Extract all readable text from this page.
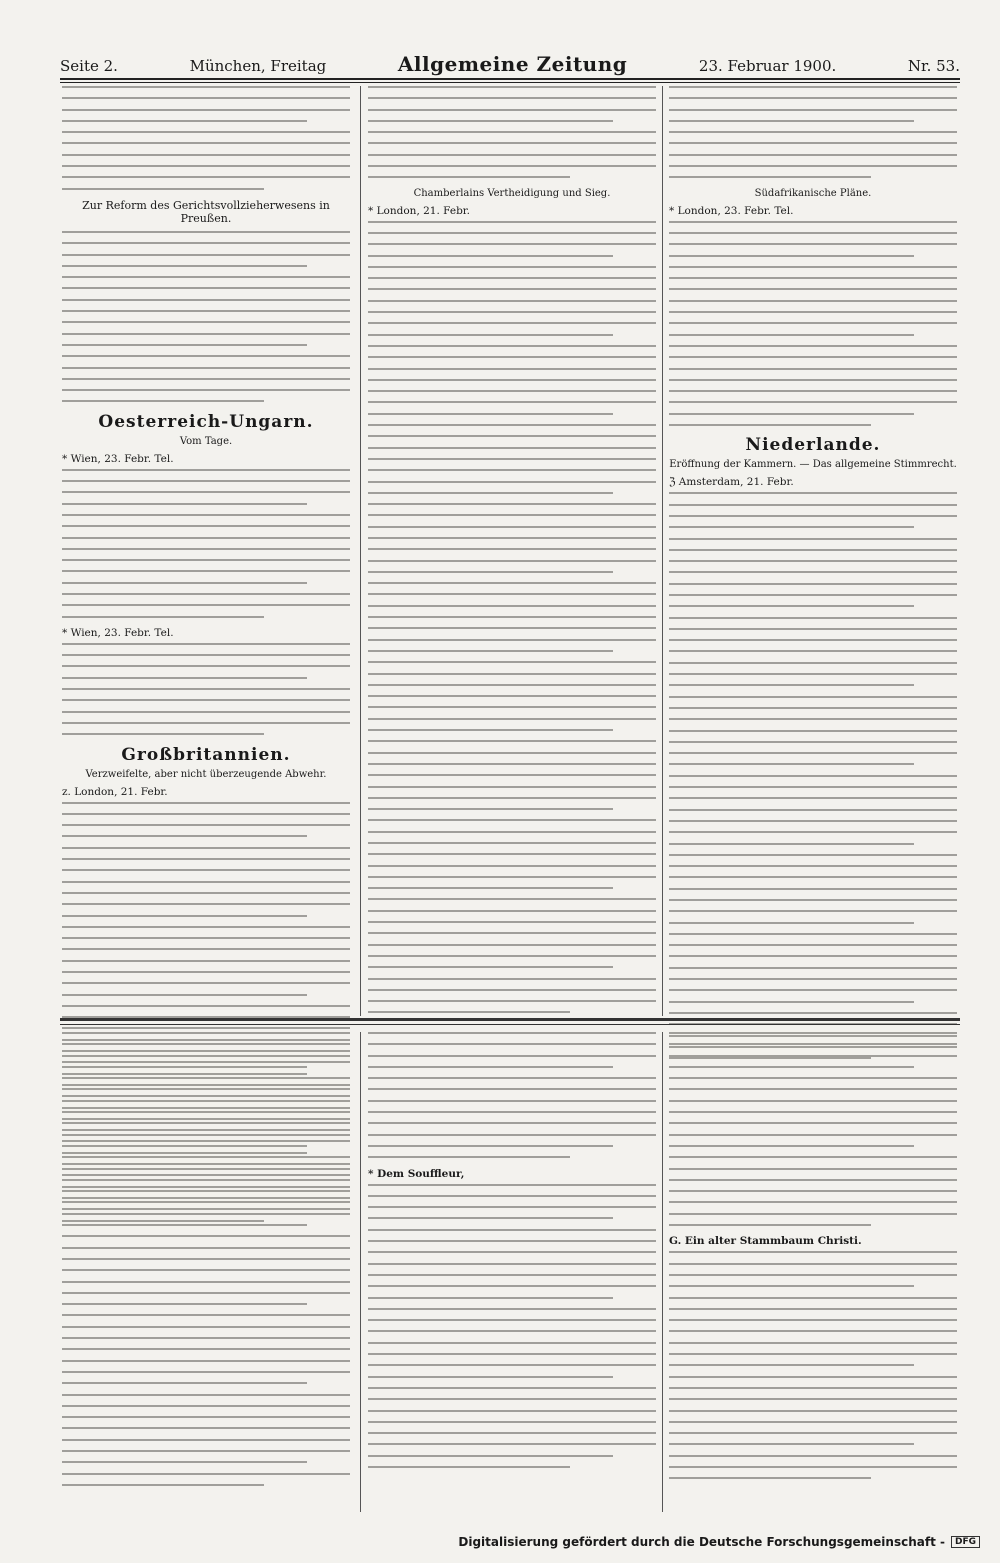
Seite 2.	München, Freitag	Allgemeine Zeitung	23. Februar 1900.	Nr. 53.
Zur Reform des Gerichtsvollzieherwesens in Preußen.
Oesterreich-Ungarn.
Vom Tage.
* Wien, 23. Febr. Tel.
* Wien, 23. Febr. Tel.
Großbritannien.
Verzweifelte, aber nicht überzeugende Abwehr.
z. London, 21. Febr.
Chamberlains Vertheidigung und Sieg.
* London, 21. Febr.
Südafrikanische Pläne.
* London, 23. Febr. Tel.
Niederlande.
Eröffnung der Kammern. — Das allgemeine Stimmrecht.
ℨ Amsterdam, 21. Febr.
* Dem Souffleur,
G. Ein alter Stammbaum Christi.
Digitalisierung gefördert durch die Deutsche Forschungsgemeinschaft -	DFG
